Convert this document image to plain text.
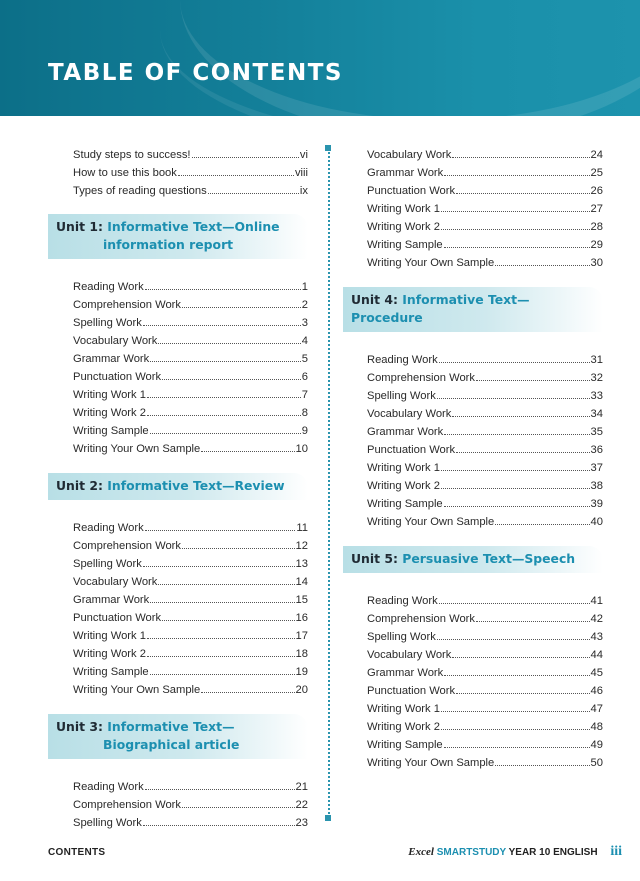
TABLE OF CONTENTS
Study steps to success!	vi
How to use this book	viii
Types of reading questions	ix
Unit 1: Informative Text—Online
information report
Reading Work	1
Comprehension Work	2
Spelling Work	3
Vocabulary Work	4
Grammar Work	5
Punctuation Work	6
Writing Work 1	7
Writing Work 2	8
Writing Sample	9
Writing Your Own Sample	10
Unit 2: Informative Text—Review
Reading Work	11
Comprehension Work	12
Spelling Work	13
Vocabulary Work	14
Grammar Work	15
Punctuation Work	16
Writing Work 1	17
Writing Work 2	18
Writing Sample	19
Writing Your Own Sample	20
Unit 3: Informative Text—
Biographical article
Reading Work	21
Comprehension Work	22
Spelling Work	23
Vocabulary Work	24
Grammar Work	25
Punctuation Work	26
Writing Work 1	27
Writing Work 2	28
Writing Sample	29
Writing Your Own Sample	30
Unit 4: Informative Text—Procedure
Reading Work	31
Comprehension Work	32
Spelling Work	33
Vocabulary Work	34
Grammar Work	35
Punctuation Work	36
Writing Work 1	37
Writing Work 2	38
Writing Sample	39
Writing Your Own Sample	40
Unit 5: Persuasive Text—Speech
Reading Work	41
Comprehension Work	42
Spelling Work	43
Vocabulary Work	44
Grammar Work	45
Punctuation Work	46
Writing Work 1	47
Writing Work 2	48
Writing Sample	49
Writing Your Own Sample	50
CONTENTS	Excel SMARTSTUDY YEAR 10 ENGLISH iii
